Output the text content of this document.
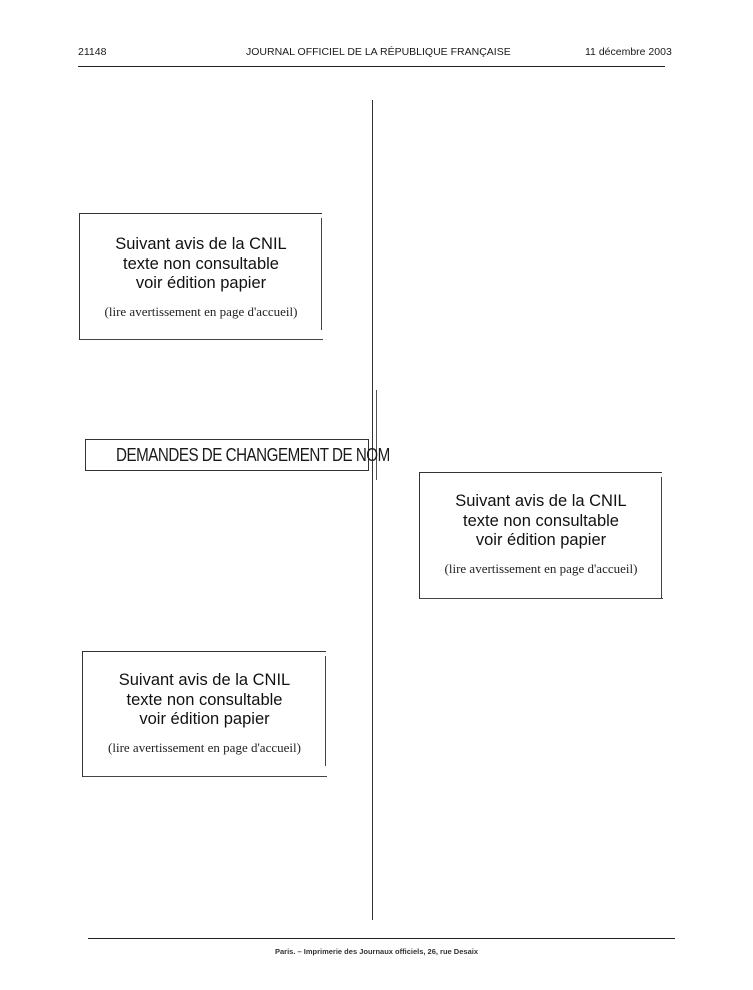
21148	JOURNAL OFFICIEL DE LA RÉPUBLIQUE FRANÇAISE	11 décembre 2003
Suivant avis de la CNIL
texte non consultable
voir édition papier
(lire avertissement en page d'accueil)
DEMANDES DE CHANGEMENT DE NOM
Suivant avis de la CNIL
texte non consultable
voir édition papier
(lire avertissement en page d'accueil)
Suivant avis de la CNIL
texte non consultable
voir édition papier
(lire avertissement en page d'accueil)
Paris. – Imprimerie des Journaux officiels, 26, rue Desaix
